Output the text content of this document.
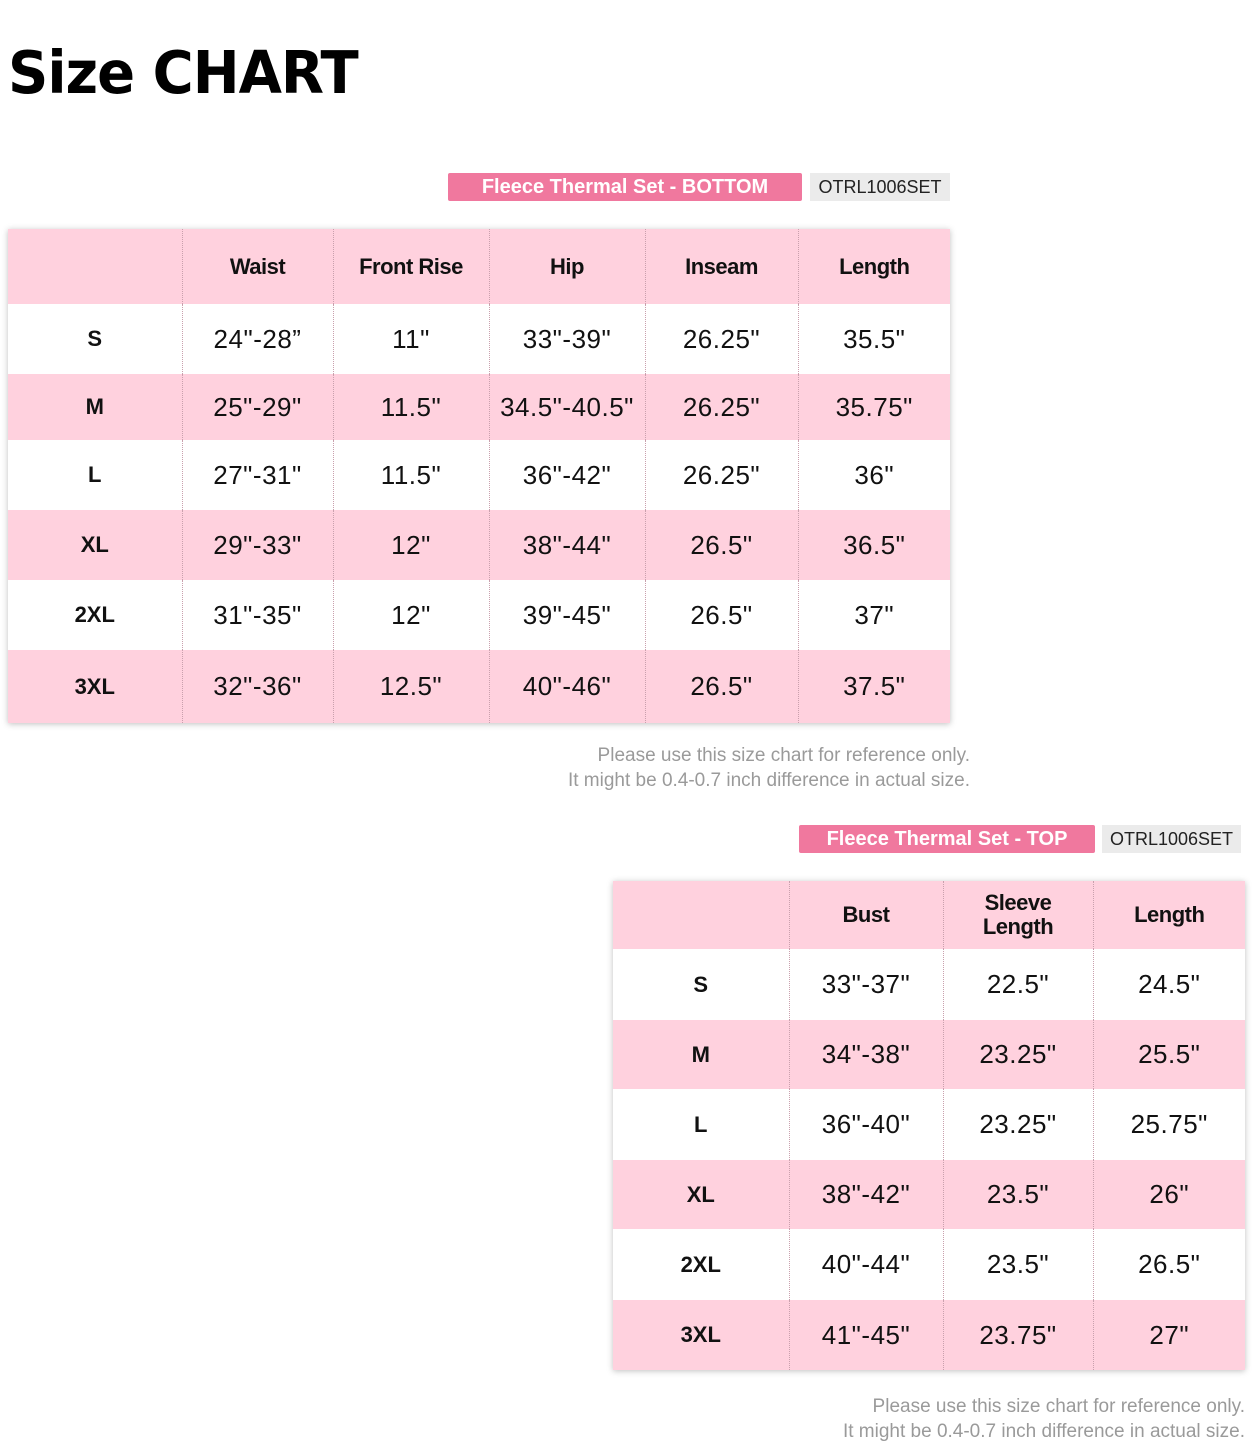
Size CHART
Fleece Thermal Set - BOTTOM	OTRL1006SET
	Waist	Front Rise	Hip	Inseam	Length
S	24"-28”	11"	33"-39"	26.25"	35.5"
M	25"-29"	11.5"	34.5"-40.5"	26.25"	35.75"
L	27"-31"	11.5"	36"-42"	26.25"	36"
XL	29"-33"	12"	38"-44"	26.5"	36.5"
2XL	31"-35"	12"	39"-45"	26.5"	37"
3XL	32"-36"	12.5"	40"-46"	26.5"	37.5"
Please use this size chart for reference only.
It might be 0.4-0.7 inch difference in actual size.
Fleece Thermal Set - TOP	OTRL1006SET
	Bust	Sleeve Length	Length
S	33"-37"	22.5"	24.5"
M	34"-38"	23.25"	25.5"
L	36"-40"	23.25"	25.75"
XL	38"-42"	23.5"	26"
2XL	40"-44"	23.5"	26.5"
3XL	41"-45"	23.75"	27"
Please use this size chart for reference only.
It might be 0.4-0.7 inch difference in actual size.
